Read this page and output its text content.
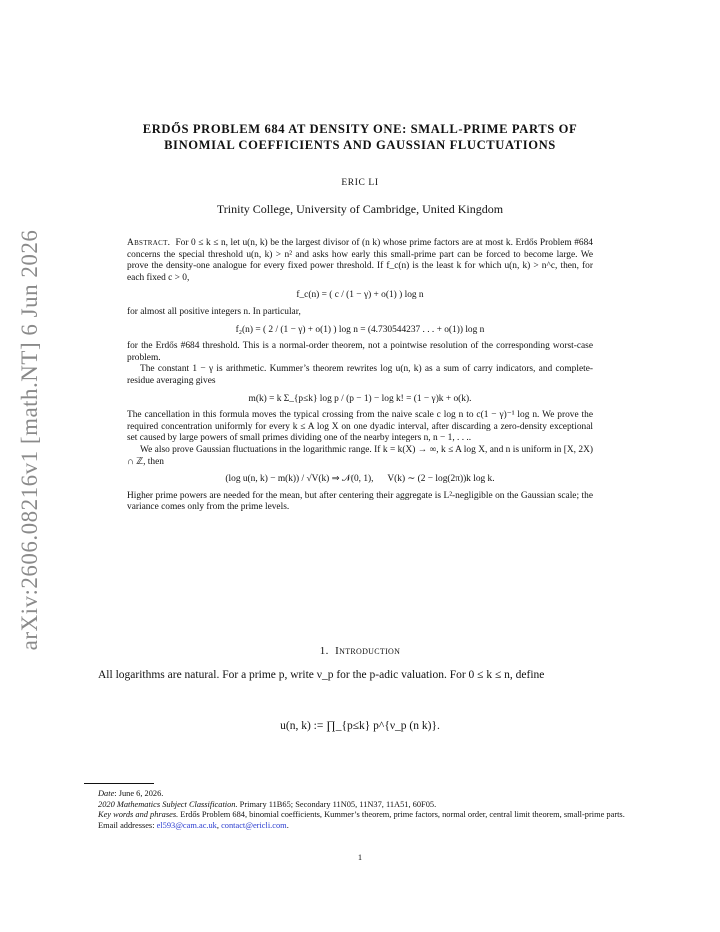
arXiv:2606.08216v1 [math.NT] 6 Jun 2026
ERDŐS PROBLEM 684 AT DENSITY ONE: SMALL-PRIME PARTS OF
BINOMIAL COEFFICIENTS AND GAUSSIAN FLUCTUATIONS
ERIC LI
Trinity College, University of Cambridge, United Kingdom

Abstract. For 0 ≤ k ≤ n, let u(n, k) be the largest divisor of (n k) whose prime factors are at most k. Erdős Problem #684 concerns the special threshold u(n, k) > n² and asks how early this small-prime part can be forced to become large. We prove the density-one analogue for every fixed power threshold. If f_c(n) is the least k for which u(n, k) > n^c, then, for each fixed c > 0,

f_c(n) = ( c / (1 − γ) + o(1) ) log n

for almost all positive integers n. In particular,

f₂(n) = ( 2 / (1 − γ) + o(1) ) log n = (4.730544237 . . . + o(1)) log n

for the Erdős #684 threshold. This is a normal-order theorem, not a pointwise resolution of the corresponding worst-case problem.

The constant 1 − γ is arithmetic. Kummer’s theorem rewrites log u(n, k) as a sum of carry indicators, and complete-residue averaging gives

m(k) = k Σ_{p≤k} log p / (p − 1) − log k! = (1 − γ)k + o(k).

The cancellation in this formula moves the typical crossing from the naive scale c log n to c(1 − γ)⁻¹ log n. We prove the required concentration uniformly for every k ≤ A log X on one dyadic interval, after discarding a zero-density exceptional set caused by large powers of small primes dividing one of the nearby integers n, n − 1, . . ..

We also prove Gaussian fluctuations in the logarithmic range. If k = k(X) → ∞, k ≤ A log X, and n is uniform in [X, 2X) ∩ ℤ, then

(log u(n, k) − m(k)) / √V(k) ⇒ 𝒩(0, 1), V(k) ∼ (2 − log(2π))k log k.

Higher prime powers are needed for the mean, but after centering their aggregate is L²-negligible on the Gaussian scale; the variance comes only from the prime levels.

1. Introduction
All logarithms are natural. For a prime p, write ν_p for the p-adic valuation. For 0 ≤ k ≤ n, define
u(n, k) := ∏_{p≤k} p^{ν_p (n k)}.

Date: June 6, 2026.

2020 Mathematics Subject Classification. Primary 11B65; Secondary 11N05, 11N37, 11A51, 60F05.

Key words and phrases. Erdős Problem 684, binomial coefficients, Kummer’s theorem, prime factors, normal order, central limit theorem, small-prime parts.

Email addresses: el593@cam.ac.uk, contact@ericli.com.

1
